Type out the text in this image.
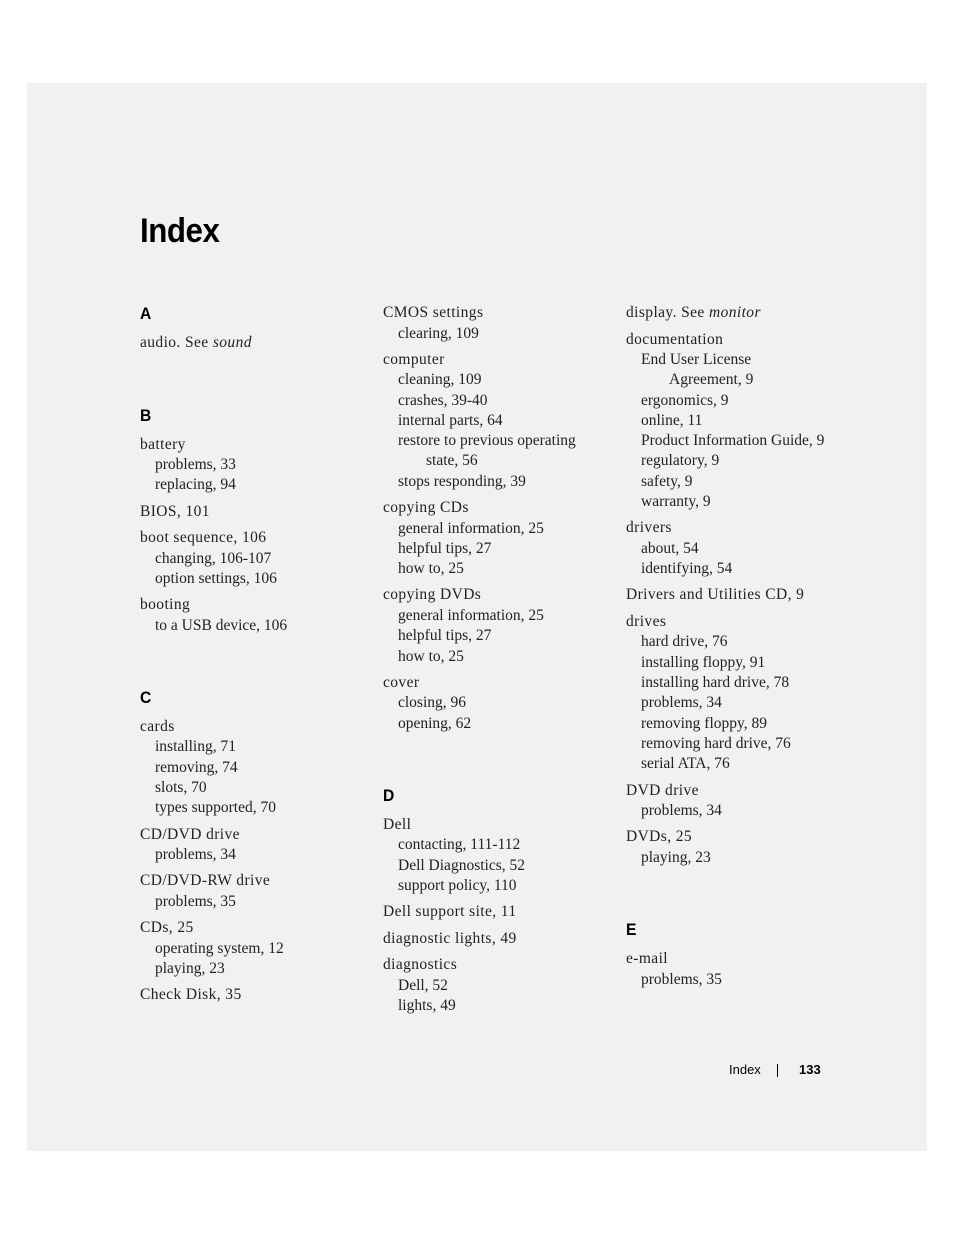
Index
A
audio. See sound
B
battery
problems, 33
replacing, 94
BIOS, 101
boot sequence, 106
changing, 106-107
option settings, 106
booting
to a USB device, 106
C
cards
installing, 71
removing, 74
slots, 70
types supported, 70
CD/DVD drive
problems, 34
CD/DVD-RW drive
problems, 35
CDs, 25
operating system, 12
playing, 23
Check Disk, 35
CMOS settings
clearing, 109
computer
cleaning, 109
crashes, 39-40
internal parts, 64
restore to previous operating
state, 56
stops responding, 39
copying CDs
general information, 25
helpful tips, 27
how to, 25
copying DVDs
general information, 25
helpful tips, 27
how to, 25
cover
closing, 96
opening, 62
D
Dell
contacting, 111-112
Dell Diagnostics, 52
support policy, 110
Dell support site, 11
diagnostic lights, 49
diagnostics
Dell, 52
lights, 49
display. See monitor
documentation
End User License
Agreement, 9
ergonomics, 9
online, 11
Product Information Guide, 9
regulatory, 9
safety, 9
warranty, 9
drivers
about, 54
identifying, 54
Drivers and Utilities CD, 9
drives
hard drive, 76
installing floppy, 91
installing hard drive, 78
problems, 34
removing floppy, 89
removing hard drive, 76
serial ATA, 76
DVD drive
problems, 34
DVDs, 25
playing, 23
E
e-mail
problems, 35
Index	133
